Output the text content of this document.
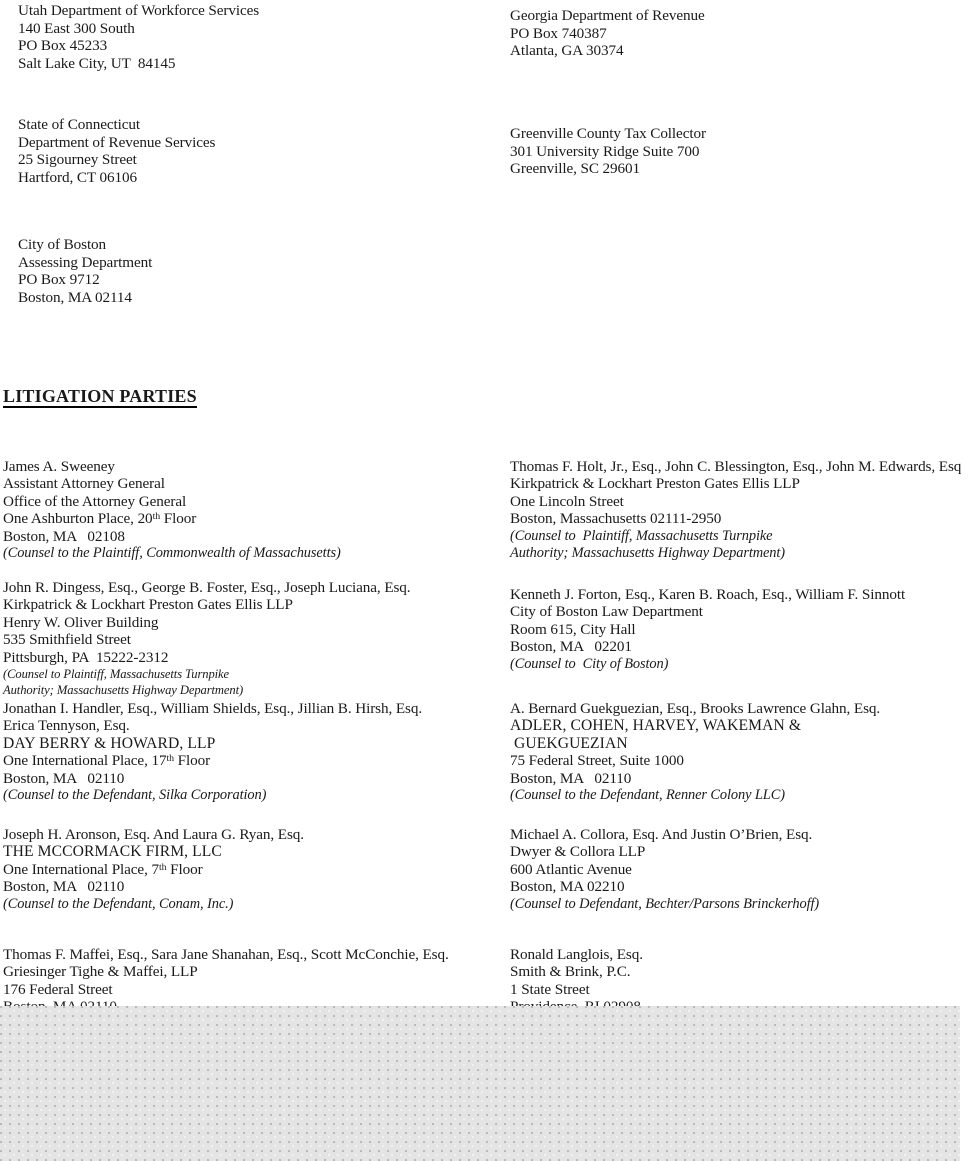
Utah Department of Workforce Services
140 East 300 South
PO Box 45233
Salt Lake City, UT  84145
Georgia Department of Revenue
PO Box 740387
Atlanta, GA 30374
State of Connecticut
Department of Revenue Services
25 Sigourney Street
Hartford, CT 06106
Greenville County Tax Collector
301 University Ridge Suite 700
Greenville, SC 29601
City of Boston
Assessing Department
PO Box 9712
Boston, MA 02114
LITIGATION PARTIES
James A. Sweeney
Assistant Attorney General
Office of the Attorney General
One Ashburton Place, 20th Floor
Boston, MA   02108
(Counsel to the Plaintiff, Commonwealth of Massachusetts)
John R. Dingess, Esq., George B. Foster, Esq., Joseph Luciana, Esq.
Kirkpatrick & Lockhart Preston Gates Ellis LLP
Henry W. Oliver Building
535 Smithfield Street
Pittsburgh, PA  15222-2312
(Counsel to Plaintiff, Massachusetts Turnpike
Authority; Massachusetts Highway Department)
Jonathan I. Handler, Esq., William Shields, Esq., Jillian B. Hirsh, Esq.
Erica Tennyson, Esq.
DAY BERRY & HOWARD, LLP
One International Place, 17th Floor
Boston, MA   02110
(Counsel to the Defendant, Silka Corporation)
Joseph H. Aronson, Esq. And Laura G. Ryan, Esq.
THE MCCORMACK FIRM, LLC
One International Place, 7th Floor
Boston, MA   02110
(Counsel to the Defendant, Conam, Inc.)
Thomas F. Maffei, Esq., Sara Jane Shanahan, Esq., Scott McConchie, Esq.
Griesinger Tighe & Maffei, LLP
176 Federal Street
Thomas F. Holt, Jr., Esq., John C. Blessington, Esq., John M. Edwards, Esq
Kirkpatrick & Lockhart Preston Gates Ellis LLP
One Lincoln Street
Boston, Massachusetts 02111-2950
(Counsel to  Plaintiff, Massachusetts Turnpike
Authority; Massachusetts Highway Department)
Kenneth J. Forton, Esq., Karen B. Roach, Esq., William F. Sinnott
City of Boston Law Department
Room 615, City Hall
Boston, MA   02201
(Counsel to  City of Boston)
A. Bernard Guekguezian, Esq., Brooks Lawrence Glahn, Esq.
ADLER, COHEN, HARVEY, WAKEMAN &
GUEKGUEZIAN
75 Federal Street, Suite 1000
Boston, MA   02110
(Counsel to the Defendant, Renner Colony LLC)
Michael A. Collora, Esq. And Justin O’Brien, Esq.
Dwyer & Collora LLP
600 Atlantic Avenue
Boston, MA 02210
(Counsel to Defendant, Bechter/Parsons Brinckerhoff)
Ronald Langlois, Esq.
Smith & Brink, P.C.
1 State Street
